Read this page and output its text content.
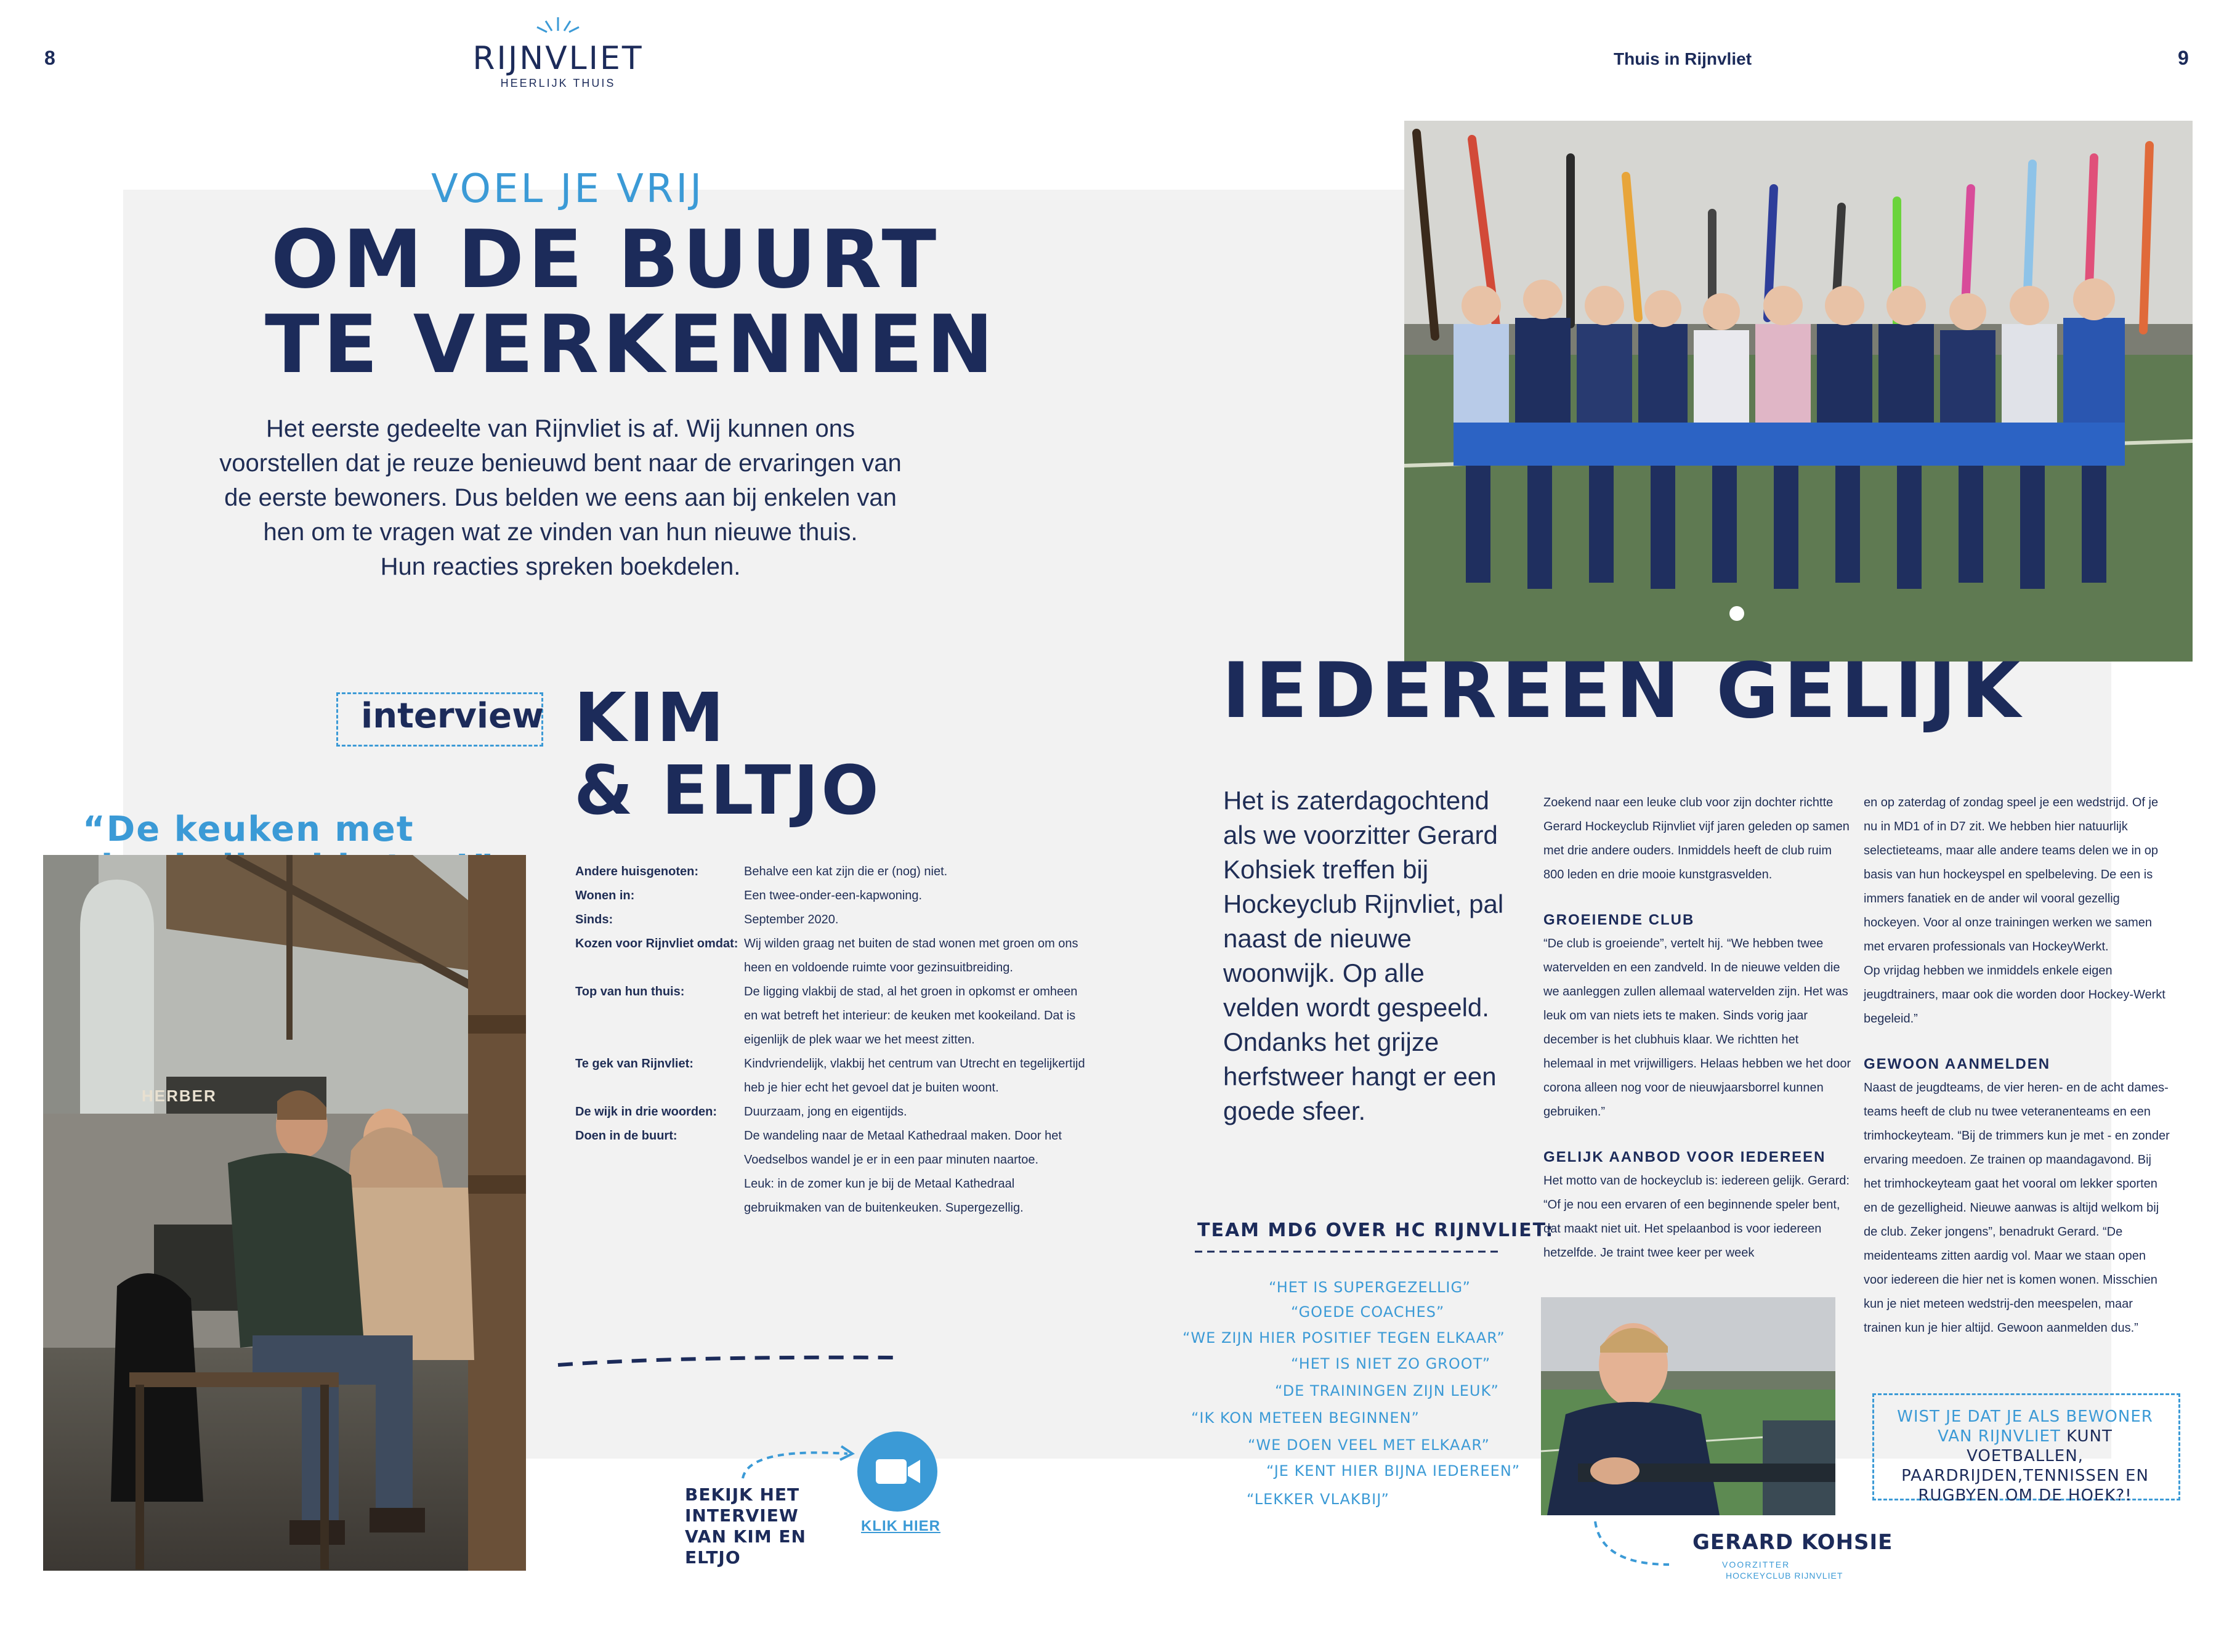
8	9
RIJNVLIET
HEERLIJK THUIS
Thuis in Rijnvliet
VOEL JE VRIJ
OM DE BUURT
TE VERKENNEN
Het eerste gedeelte van Rijnvliet is af. Wij kunnen ons
voorstellen dat je reuze benieuwd bent naar de ervaringen van
de eerste bewoners. Dus belden we eens aan bij enkelen van
hen om te vragen wat ze vinden van hun nieuwe thuis.
Hun reacties spreken boekdelen.
interview KIM
& ELTJO
“De keuken met
HERBER
Andere huisgenoten:	Behalve een kat zijn die er (nog) niet.
Wonen in:	Een twee-onder-een-kapwoning.
Sinds:	September 2020.
Kozen voor Rijnvliet omdat: Wij wilden graag net buiten de stad wonen met groen om ons heen en voldoende ruimte voor gezinsuitbreiding.
Top van hun thuis:	De ligging vlakbij de stad, al het groen in opkomst er omheen en wat betreft het interieur: de keuken met kookeiland. Dat is eigenlijk de plek waar we het meest zitten.
Te gek van Rijnvliet:	Kindvriendelijk, vlakbij het centrum van Utrecht en tegelijkertijd heb je hier echt het gevoel dat je buiten woont.
De wijk in drie woorden:	Duurzaam, jong en eigentijds.
Doen in de buurt:	De wandeling naar de Metaal Kathedraal maken. Door het Voedselbos wandel je er in een paar minuten naartoe.
Leuk: in de zomer kun je bij de Metaal Kathedraal gebruikmaken van de buitenkeuken. Supergezellig.
BEKIJK HET
INTERVIEW
VAN KIM EN
ELTJO
KLIK HIER
IEDEREEN GELIJK
Het is zaterdagochtend als we voorzitter Gerard Kohsiek treffen bij Hockeyclub Rijnvliet, pal naast de nieuwe woonwijk. Op alle velden wordt gespeeld. Ondanks het grijze herfstweer hangt er een goede sfeer.

Zoekend naar een leuke club voor zijn dochter richtte Gerard Hockeyclub Rijnvliet vijf jaren geleden op samen met drie andere ouders. Inmiddels heeft de club ruim 800 leden en drie mooie kunstgrasvelden.

GROEIENDE CLUB

“De club is groeiende”, vertelt hij. “We hebben twee watervelden en een zandveld. In de nieuwe velden die we aanleggen zullen allemaal watervelden zijn. Het was leuk om van niets iets te maken. Sinds vorig jaar december is het clubhuis klaar. We richtten het helemaal in met vrijwilligers. Helaas hebben we het door corona alleen nog voor de nieuwjaarsborrel kunnen gebruiken.”

GELIJK AANBOD VOOR IEDEREEN

Het motto van de hockeyclub is: iedereen gelijk. Gerard: “Of je nou een ervaren of een beginnende speler bent, dat maakt niet uit. Het spelaanbod is voor iedereen hetzelfde. Je traint twee keer per week

en op zaterdag of zondag speel je een wedstrijd. Of je nu in MD1 of in D7 zit. We hebben hier natuurlijk selectieteams, maar alle andere teams delen we in op basis van hun hockeyspel en spelbeleving. De een is immers fanatiek en de ander wil vooral gezellig hockeyen. Voor al onze trainingen werken we samen met ervaren professionals van HockeyWerkt.

Op vrijdag hebben we inmiddels enkele eigen jeugdtrainers, maar ook die worden door Hockey-Werkt begeleid.”

GEWOON AANMELDEN

Naast de jeugdteams, de vier heren- en de acht dames-teams heeft de club nu twee veteranenteams en een trimhockeyteam. “Bij de trimmers kun je met - en zonder ervaring meedoen. Ze trainen op maandagavond. Bij het trimhockeyteam gaat het vooral om lekker sporten en de gezelligheid. Nieuwe aanwas is altijd welkom bij de club. Zeker jongens”, benadrukt Gerard. “De meidenteams zitten aardig vol. Maar we staan open voor iedereen die hier net is komen wonen. Misschien kun je niet meteen wedstrij-den meespelen, maar trainen kun je hier altijd. Gewoon aanmelden dus.”

TEAM MD6 OVER HC RIJNVLIET:
“HET IS SUPERGEZELLIG”
“GOEDE COACHES”
“WE ZIJN HIER POSITIEF TEGEN ELKAAR”
“HET IS NIET ZO GROOT”
“DE TRAININGEN ZIJN LEUK”
“IK KON METEEN BEGINNEN”
“WE DOEN VEEL MET ELKAAR”
“JE KENT HIER BIJNA IEDEREEN”
“LEKKER VLAKBIJ”
GERARD KOHSIE
VOORZITTER
HOCKEYCLUB RIJNVLIET
WIST JE DAT JE ALS BEWONER VAN RIJNVLIET KUNT VOETBALLEN, PAARDRIJDEN,TENNISSEN EN RUGBYEN OM DE HOEK?!
